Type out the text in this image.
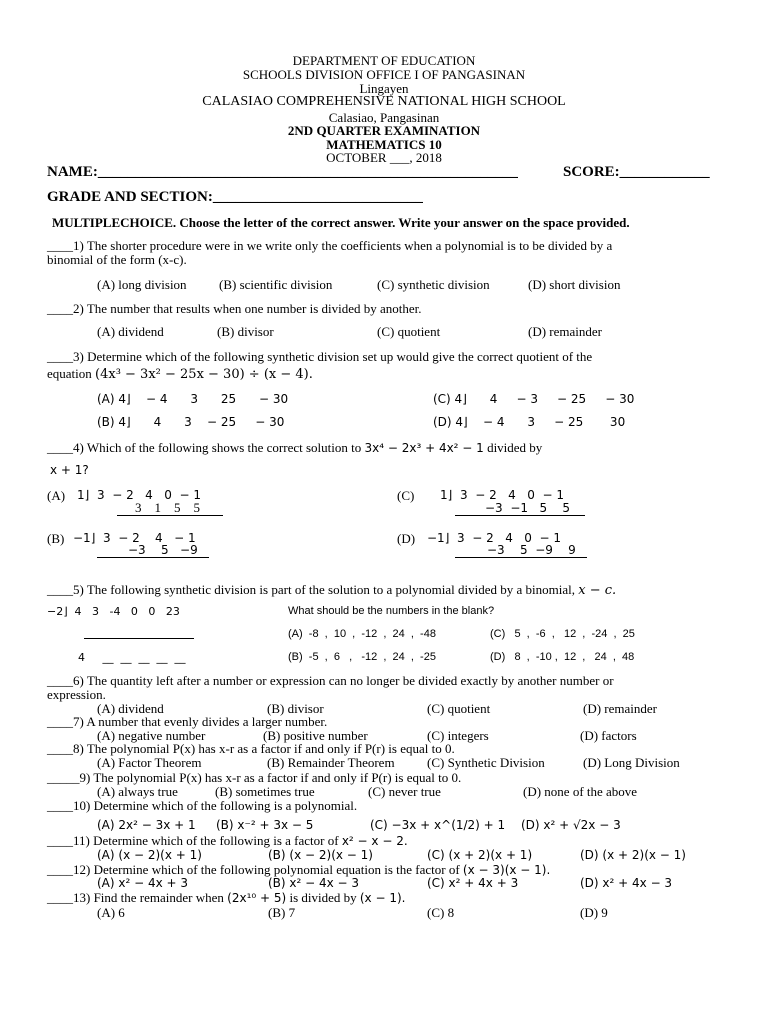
DEPARTMENT OF EDUCATION
SCHOOLS DIVISION OFFICE I OF PANGASINAN
Lingayen
CALASIAO COMPREHENSIVE NATIONAL HIGH SCHOOL
Calasiao, Pangasinan
2ND QUARTER EXAMINATION
MATHEMATICS 10
OCTOBER ___, 2018
NAME:________________________________________________________	SCORE:____________
GRADE AND SECTION:____________________________
MULTIPLECHOICE. Choose the letter of the correct answer. Write your answer on the space provided.
____1) The shorter procedure were in we write only the coefficients when a polynomial is to be divided by a
binomial of the form (x-c).
(A) long division (B) scientific division	(C) synthetic division	(D) short division
____2) The number that results when one number is divided by another.
(A) dividend	(B) divisor	(C) quotient	(D) remainder
____3) Determine which of the following synthetic division set up would give the correct quotient of the
equation (4x³ − 3x² − 25x − 30) ÷ (x − 4).
(A) 4⌋    − 4      3      25      − 30	(C) 4⌋      4     − 3     − 25     − 30
(B) 4⌋      4      3    − 25     − 30	(D) 4⌋    − 4      3     − 25       30
____4) Which of the following shows the correct solution to 3x⁴ − 2x³ + 4x² − 1 divided by
x + 1?
(A) 1⌋  3  − 2   4   0  − 1
3    1    5    5
(C) 1⌋  3  − 2   4   0  − 1
−3  −1   5    5
(B) −1⌋  3  − 2    4   − 1
−3    5   −9
(D) −1⌋  3  − 2   4   0  − 1
−3    5  −9    9
____5) The following synthetic division is part of the solution to a polynomial divided by a binomial, x − c.
−2⌋  4   3   -4   0   0   23	What should be the numbers in the blank?
4     __  __  __  __  __
(A)  -8  ,  10  ,  -12  ,  24  ,  -48	(C)   5  ,  -6  ,   12  ,  -24  ,  25
(B)  -5  ,  6   ,   -12  ,  24  ,  -25	(D)   8  ,  -10 ,  12  ,   24  ,  48
____6) The quantity left after a number or expression can no longer be divided exactly by another number or
expression.
(A) dividend	(B) divisor	(C) quotient	(D) remainder
____7) A number that evenly divides a larger number.
(A) negative number	(B) positive number	(C) integers	(D) factors
____8) The polynomial P(x) has x-r as a factor if and only if P(r) is equal to 0.
(A) Factor Theorem	(B) Remainder Theorem (C) Synthetic Division	(D) Long Division
_____9) The polynomial P(x) has x-r as a factor if and only if P(r) is equal to 0.
(A) always true	(B) sometimes true	(C) never true	(D) none of the above
____10) Determine which of the following is a polynomial.
(A) 2x² − 3x + 1 (B) x⁻² + 3x − 5	(C) −3x + x^(1/2) + 1 (D) x² + √2x − 3
____11) Determine which of the following is a factor of x² − x − 2.
(A) (x − 2)(x + 1)	(B) (x − 2)(x − 1)	(C) (x + 2)(x + 1)	(D) (x + 2)(x − 1)
____12) Determine which of the following polynomial equation is the factor of (x − 3)(x − 1).
(A) x² − 4x + 3	(B) x² − 4x − 3	(C) x² + 4x + 3	(D) x² + 4x − 3
____13) Find the remainder when (2x¹⁰ + 5) is divided by (x − 1).
(A) 6	(B) 7	(C) 8	(D) 9
